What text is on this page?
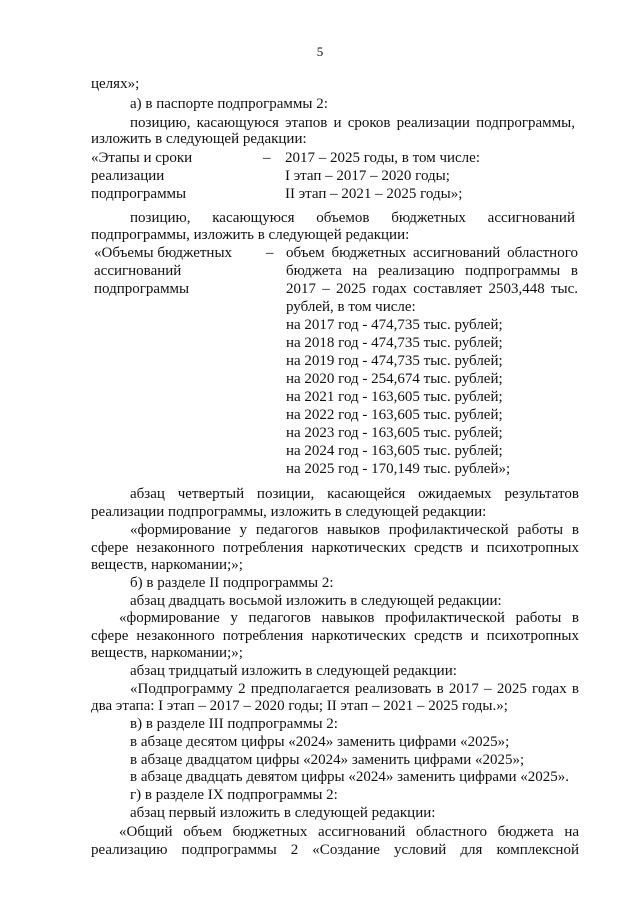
5
целях»;
а) в паспорте подпрограммы 2:
позицию, касающуюся этапов и сроков реализации подпрограммы,
изложить в следующей редакции:
«Этапы и сроки
реализации
подпрограммы
– 2017 – 2025 годы, в том числе:
I этап – 2017 – 2020 годы;
II этап – 2021 – 2025 годы»;
позицию, касающуюся объемов бюджетных ассигнований
подпрограммы, изложить в следующей редакции:
«Объемы бюджетных
ассигнований
подпрограммы
– объем бюджетных ассигнований областного
бюджета на реализацию подпрограммы в
2017 – 2025 годах составляет 2503,448 тыс.
рублей, в том числе:
на 2017 год - 474,735 тыс. рублей;
на 2018 год - 474,735 тыс. рублей;
на 2019 год - 474,735 тыс. рублей;
на 2020 год - 254,674 тыс. рублей;
на 2021 год - 163,605 тыс. рублей;
на 2022 год - 163,605 тыс. рублей;
на 2023 год - 163,605 тыс. рублей;
на 2024 год - 163,605 тыс. рублей;
на 2025 год - 170,149 тыс. рублей»;
абзац четвертый позиции, касающейся ожидаемых результатов
реализации подпрограммы, изложить в следующей редакции:
«формирование у педагогов навыков профилактической работы в
сфере незаконного потребления наркотических средств и психотропных
веществ, наркомании;»;
б) в разделе II подпрограммы 2:
абзац двадцать восьмой изложить в следующей редакции:
«формирование у педагогов навыков профилактической работы в
сфере незаконного потребления наркотических средств и психотропных
веществ, наркомании;»;
абзац тридцатый изложить в следующей редакции:
«Подпрограмму 2 предполагается реализовать в 2017 – 2025 годах в
два этапа: I этап – 2017 – 2020 годы; II этап – 2021 – 2025 годы.»;
в) в разделе III подпрограммы 2:
в абзаце десятом цифры «2024» заменить цифрами «2025»;
в абзаце двадцатом цифры «2024» заменить цифрами «2025»;
в абзаце двадцать девятом цифры «2024» заменить цифрами «2025».
г) в разделе IX подпрограммы 2:
абзац первый изложить в следующей редакции:
«Общий объем бюджетных ассигнований областного бюджета на
реализацию подпрограммы 2 «Создание условий для комплексной
